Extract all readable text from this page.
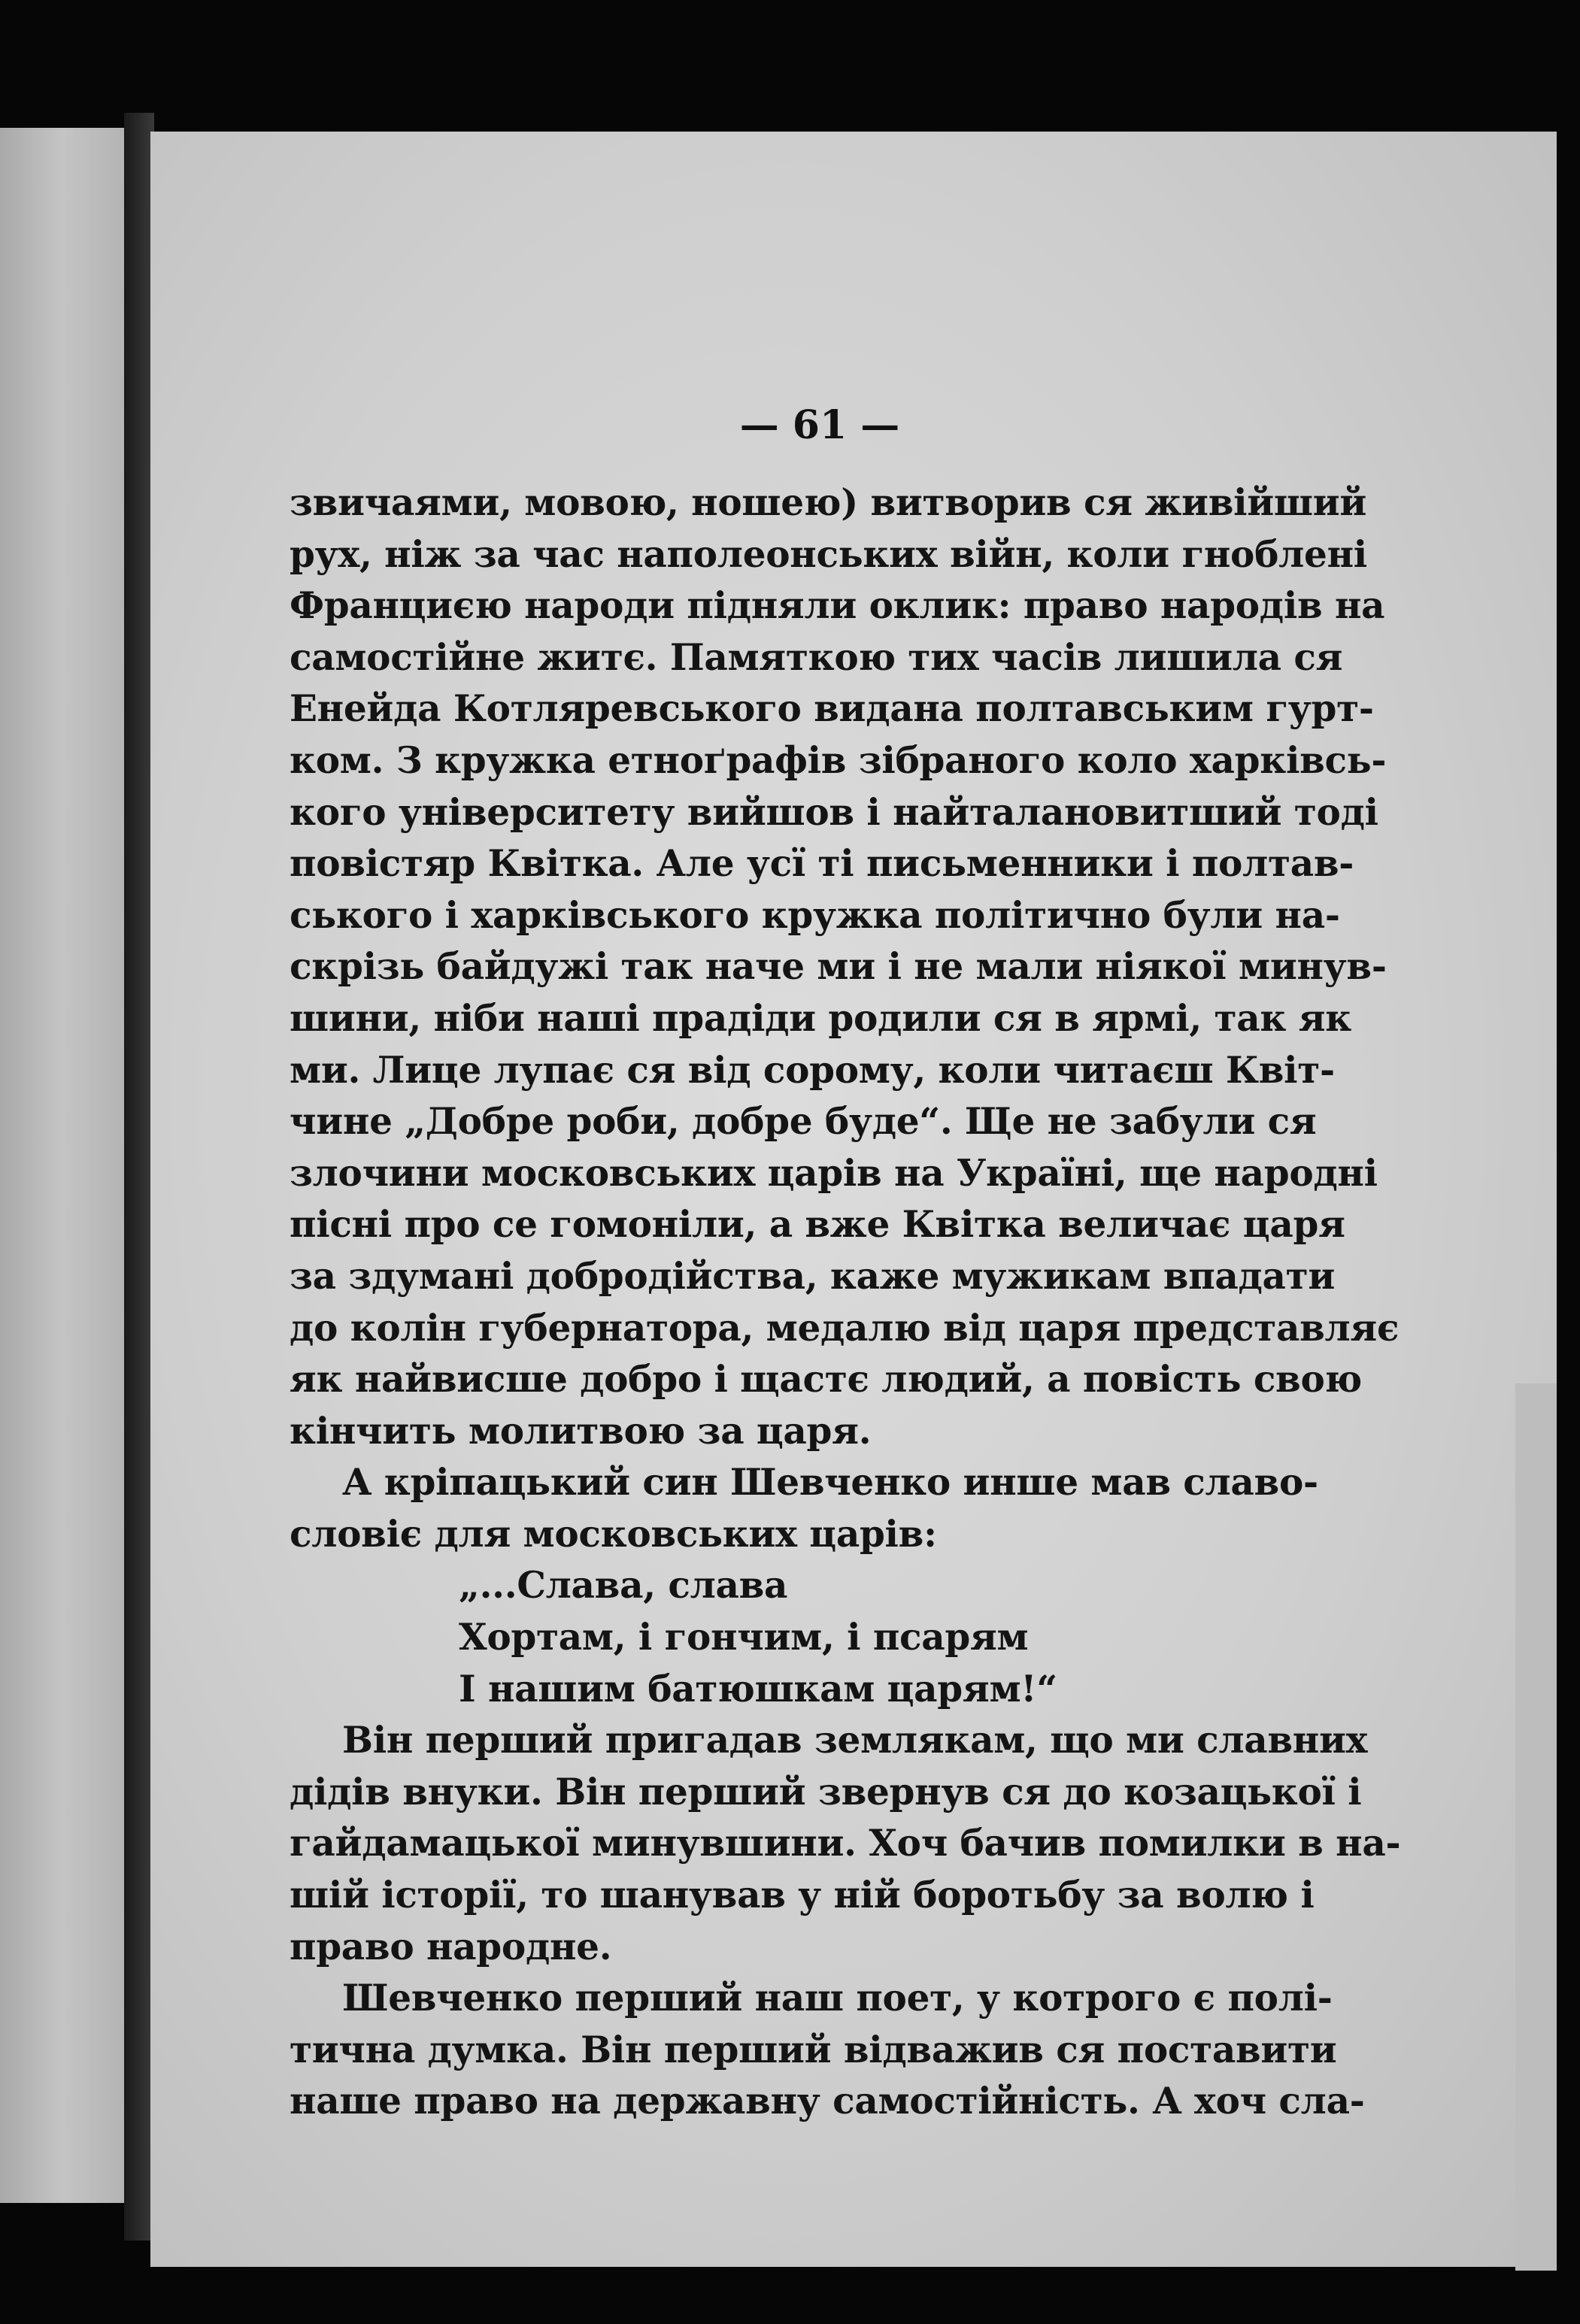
— 61 —
звичаями, мовою, ношею) витворив ся живійший
рух, ніж за час наполеонських війн, коли гноблені
Франциєю народи підняли оклик: право народів на
самостійне житє. Памяткою тих часів лишила ся
Енейда Котляревського видана полтавським гурт-
ком. З кружка етноґрафів зібраного коло харківсь-
кого університету вийшов і найталановитший тоді
повістяр Квітка. Але усї ті письменники і полтав-
ського і харківського кружка політично були на-
скрізь байдужі так наче ми і не мали ніякої минув-
шини, ніби наші прадіди родили ся в ярмі, так як
ми. Лице лупає ся від сорому, коли читаєш Квіт-
чине „Добре роби, добре буде“. Ще не забули ся
злочини московських царів на Україні, ще народні
пісні про се гомоніли, а вже Квітка величає царя
за здумані добродійства, каже мужикам впадати
до колін губернатора, медалю від царя представляє
як найвисше добро і щастє людий, а повість свою
кінчить молитвою за царя.
А кріпацький син Шевченко инше мав славо-
словіє для московських царів:
„...Слава, слава
Хортам, і гончим, і псарям
І нашим батюшкам царям!“
Він перший пригадав землякам, що ми славних
дідів внуки. Він перший звернув ся до козацької і
гайдамацької минувшини. Хоч бачив помилки в на-
шій історії, то шанував у ній боротьбу за волю і
право народне.
Шевченко перший наш поет, у котрого є полі-
тична думка. Він перший відважив ся поставити
наше право на державну самостійність. А хоч сла-
